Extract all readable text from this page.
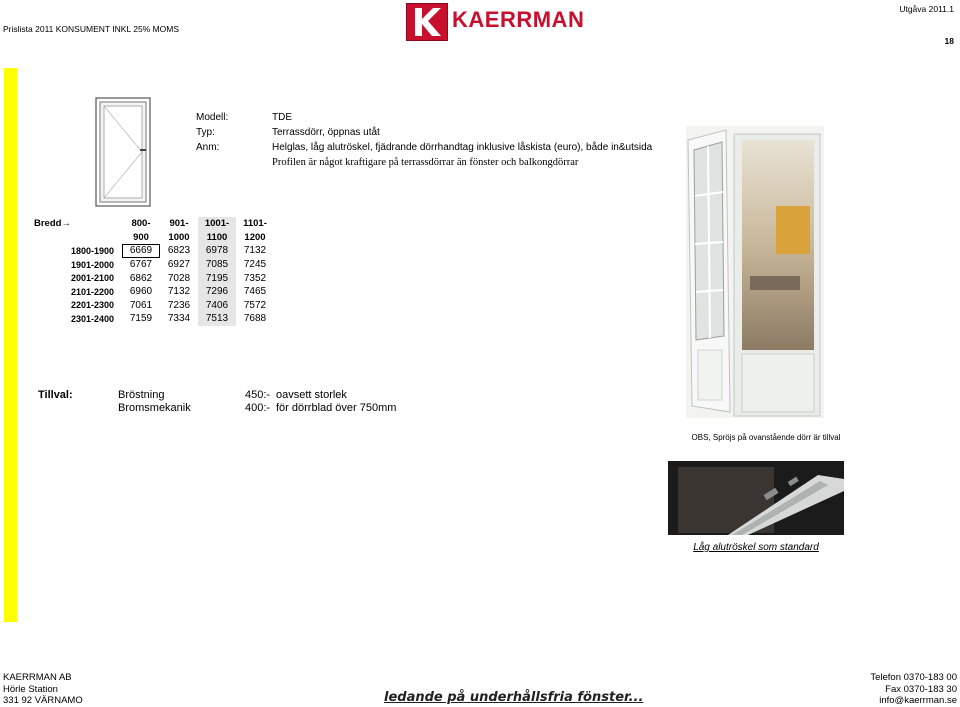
Prislista 2011 KONSUMENT INKL 25% MOMS
Utgåva 2011.1
18
KAERRMAN
Modell:	TDE
Typ:	Terrassdörr, öppnas utåt
Anm:	Helglas, låg alutröskel, fjädrande dörrhandtag inklusive låskista (euro), både in&utsida
Profilen är något kraftigare på terrassdörrar än fönster och balkongdörrar
Bredd→	800-	901-	1001-	1101-
	900	1000	1100	1200
1800-1900	6669	6823	6978	7132
1901-2000	6767	6927	7085	7245
2001-2100	6862	7028	7195	7352
2101-2200	6960	7132	7296	7465
2201-2300	7061	7236	7406	7572
2301-2400	7159	7334	7513	7688
Tillval:	Bröstning	450:- oavsett storlek
Bromsmekanik	400:- för dörrblad över 750mm
OBS, Spröjs på ovanstående dörr är tillval
Låg alutröskel som standard
KAERRMAN AB
Hörle Station
331 92 VÄRNAMO	ledande på underhållsfria fönster...
Telefon 0370-183 00
Fax 0370-183 30
info@kaerrman.se
